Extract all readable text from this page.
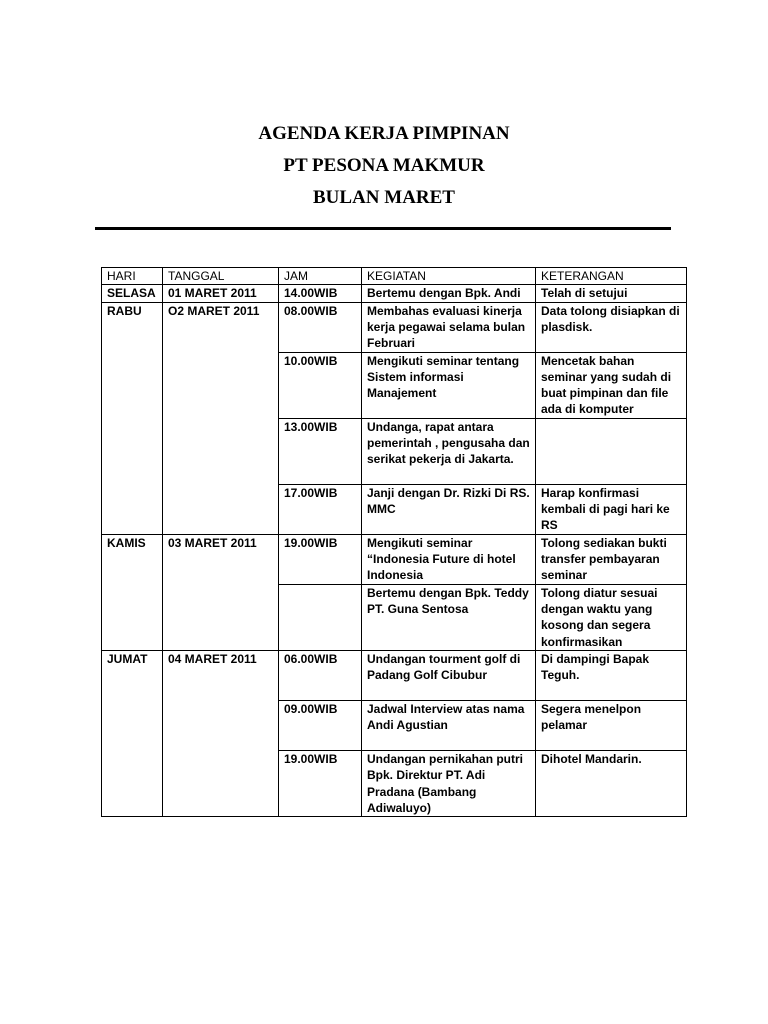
AGENDA KERJA PIMPINAN
PT PESONA MAKMUR
BULAN MARET
HARI	TANGGAL	JAM	KEGIATAN	KETERANGAN
SELASA	01 MARET 2011	14.00WIB	Bertemu dengan Bpk. Andi	Telah di setujui
RABU	O2 MARET 2011	08.00WIB	Membahas evaluasi kinerja kerja pegawai selama bulan Februari	Data tolong disiapkan di plasdisk.
		10.00WIB	Mengikuti seminar tentang Sistem informasi Manajement	Mencetak bahan seminar yang sudah di buat pimpinan dan file ada di komputer
		13.00WIB	Undanga, rapat antara pemerintah , pengusaha dan serikat pekerja di Jakarta.	
		17.00WIB	Janji dengan Dr. Rizki Di RS. MMC	Harap konfirmasi kembali di pagi hari ke RS
KAMIS	03 MARET 2011	19.00WIB	Mengikuti seminar “Indonesia Future di hotel Indonesia	Tolong sediakan bukti transfer pembayaran seminar
			Bertemu dengan Bpk. Teddy PT. Guna Sentosa	Tolong diatur sesuai dengan waktu yang kosong dan segera konfirmasikan
JUMAT	04 MARET 2011	06.00WIB	Undangan tourment golf di Padang Golf Cibubur	Di dampingi Bapak Teguh.
		09.00WIB	Jadwal Interview atas nama Andi Agustian	Segera menelpon pelamar
		19.00WIB	Undangan pernikahan putri Bpk. Direktur PT. Adi Pradana (Bambang Adiwaluyo)	Dihotel Mandarin.
